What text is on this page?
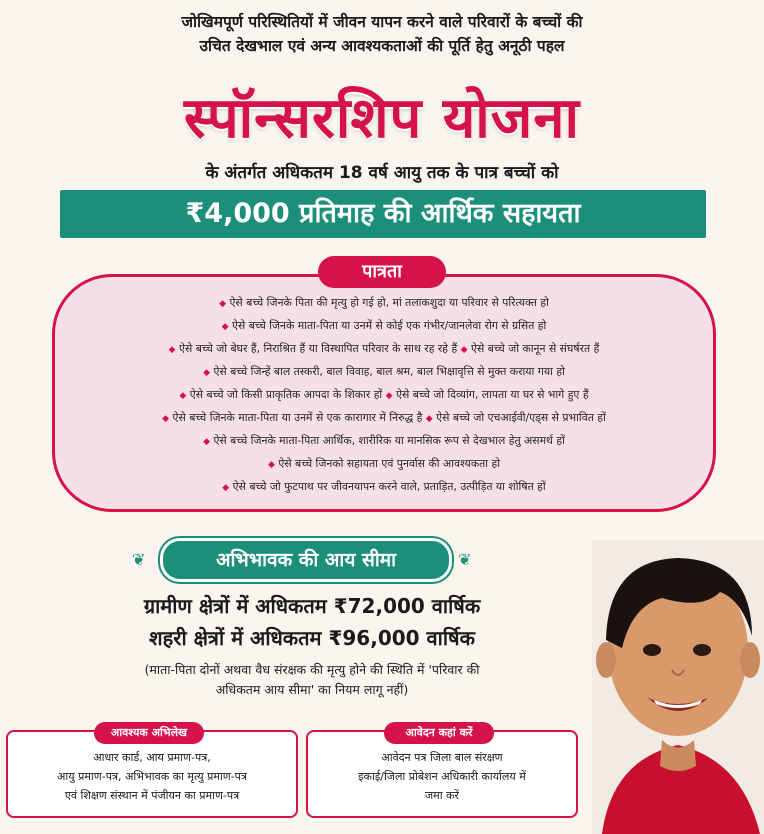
जोखिमपूर्ण परिस्थितियों में जीवन यापन करने वाले परिवारों के बच्चों की
उचित देखभाल एवं अन्य आवश्यकताओं की पूर्ति हेतु अनूठी पहल
स्पॉन्सरशिप योजना
के अंतर्गत अधिकतम 18 वर्ष आयु तक के पात्र बच्चों को
₹4,000 प्रतिमाह की आर्थिक सहायता
पात्रता
◆ ऐसे बच्चे जिनके पिता की मृत्यु हो गई हो, मां तलाकशुदा या परिवार से परित्यक्त हो
◆ ऐसे बच्चे जिनके माता-पिता या उनमें से कोई एक गंभीर/जानलेवा रोग से ग्रसित हो
◆ ऐसे बच्चे जो बेघर हैं, निराश्रित हैं या विस्थापित परिवार के साथ रह रहे हैं ◆ ऐसे बच्चे जो कानून से संघर्षरत हैं
◆ ऐसे बच्चे जिन्हें बाल तस्करी, बाल विवाह, बाल श्रम, बाल भिक्षावृत्ति से मुक्त कराया गया हो
◆ ऐसे बच्चे जो किसी प्राकृतिक आपदा के शिकार हों ◆ ऐसे बच्चे जो दिव्यांग, लापता या घर से भागे हुए हैं
◆ ऐसे बच्चे जिनके माता-पिता या उनमें से एक कारागार में निरुद्ध है ◆ ऐसे बच्चे जो एचआईवी/एड्स से प्रभावित हों
◆ ऐसे बच्चे जिनके माता-पिता आर्थिक, शारीरिक या मानसिक रूप से देखभाल हेतु असमर्थ हों
◆ ऐसे बच्चे जिनको सहायता एवं पुनर्वास की आवश्यकता हो
◆ ऐसे बच्चे जो फुटपाथ पर जीवनयापन करने वाले, प्रताड़ित, उत्पीड़ित या शोषित हों
❦	अभिभावक की आय सीमा	❦
ग्रामीण क्षेत्रों में अधिकतम ₹72,000 वार्षिक
शहरी क्षेत्रों में अधिकतम ₹96,000 वार्षिक
(माता-पिता दोनों अथवा वैध संरक्षक की मृत्यु होने की स्थिति में 'परिवार की
अधिकतम आय सीमा' का नियम लागू नहीं)
आवश्यक अभिलेख
आधार कार्ड, आय प्रमाण-पत्र,
आयु प्रमाण-पत्र, अभिभावक का मृत्यु प्रमाण-पत्र
एवं शिक्षण संस्थान में पंजीयन का प्रमाण-पत्र
आवेदन कहां करें
आवेदन पत्र जिला बाल संरक्षण
इकाई/जिला प्रोबेशन अधिकारी कार्यालय में
जमा करें
